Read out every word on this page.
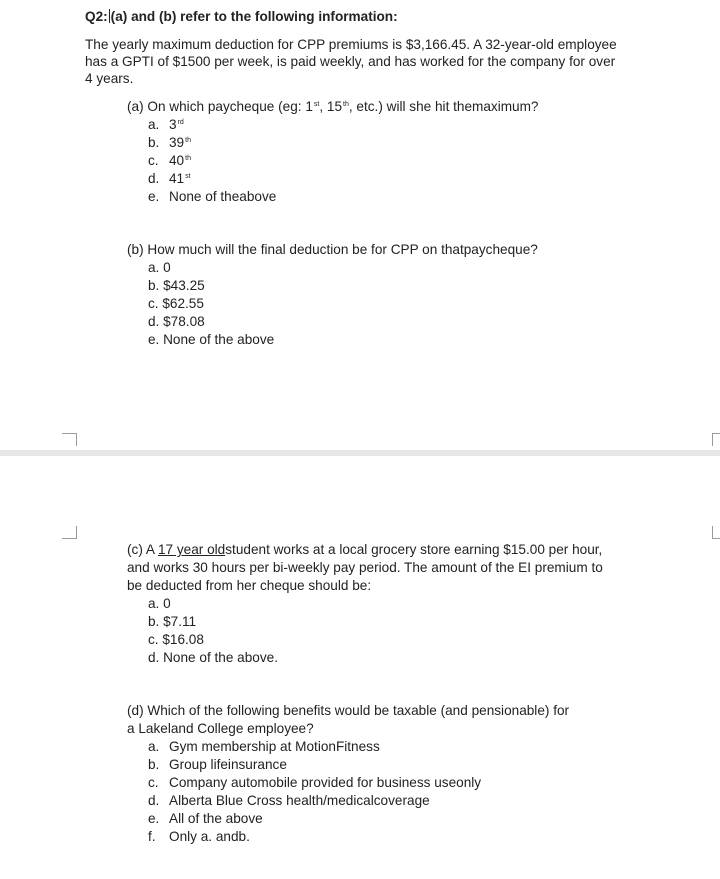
Q2: (a) and (b) refer to the following information:
The yearly maximum deduction for CPP premiums is $3,166.45. A 32-year-old employee
has a GPTI of $1500 per week, is paid weekly, and has worked for the company for over
4 years.
(a) On which paycheque (eg: 1st, 15th, etc.) will she hit themaximum?
a. 3rd
b. 39th
c. 40th
d. 41st
e. None of theabove
(b) How much will the final deduction be for CPP on thatpaycheque?
a. 0
b. $43.25
c. $62.55
d. $78.08
e. None of the above
(c) A 17 year oldstudent works at a local grocery store earning $15.00 per hour,
and works 30 hours per bi-weekly pay period. The amount of the EI premium to
be deducted from her cheque should be:
a. 0
b. $7.11
c. $16.08
d. None of the above.
(d) Which of the following benefits would be taxable (and pensionable) for
a Lakeland College employee?
a. Gym membership at MotionFitness
b. Group lifeinsurance
c. Company automobile provided for business useonly
d. Alberta Blue Cross health/medicalcoverage
e. All of the above
f. Only a. andb.
